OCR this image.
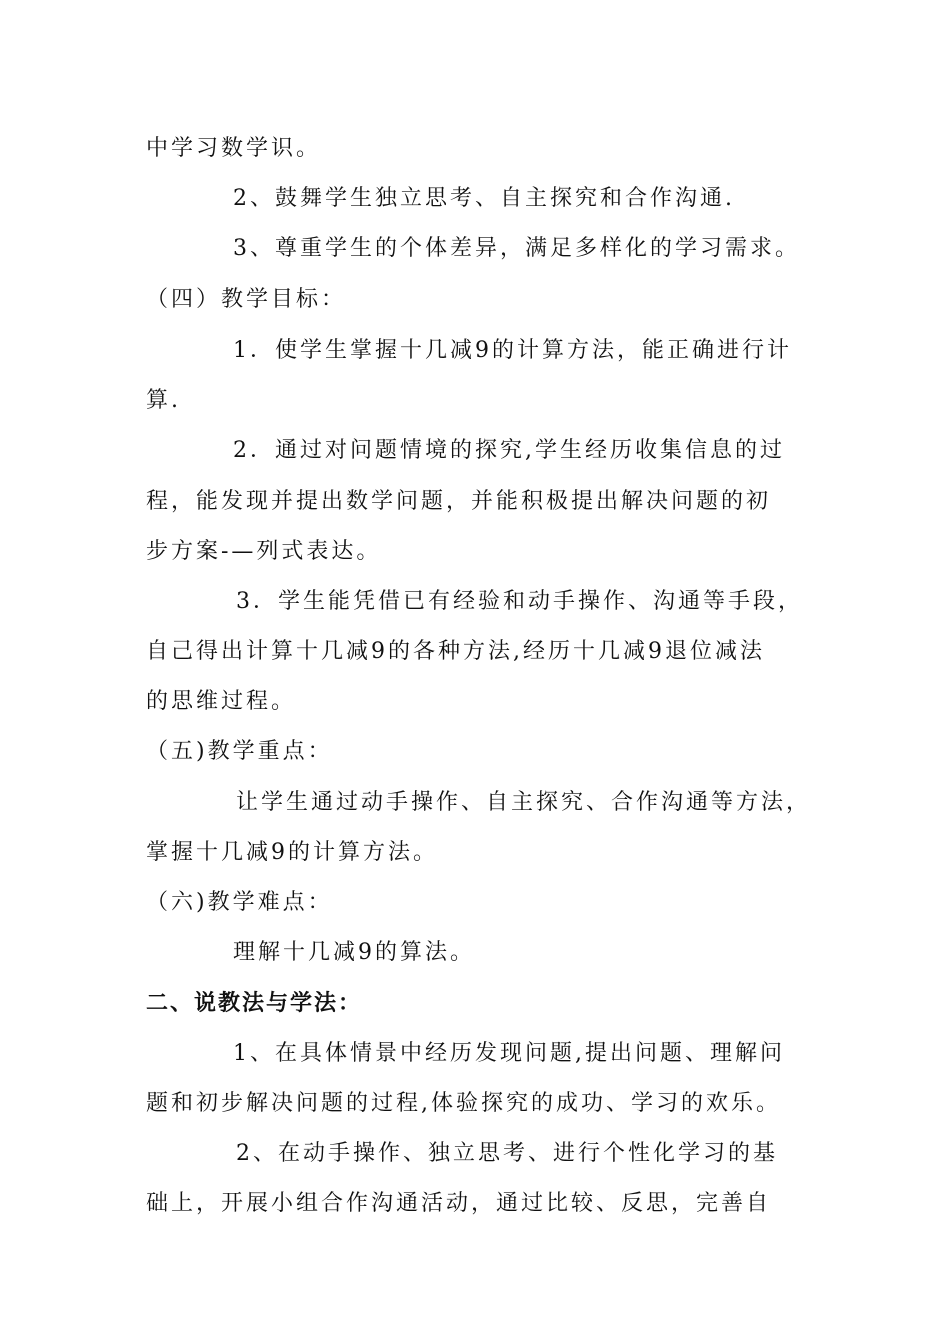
中学习数学识。
2、鼓舞学生独立思考、自主探究和合作沟通.
3、尊重学生的个体差异，满足多样化的学习需求。
（四）教学目标：
1．使学生掌握十几减9的计算方法，能正确进行计
算.
2．通过对问题情境的探究,学生经历收集信息的过
程，能发现并提出数学问题，并能积极提出解决问题的初
步方案-—列式表达。
3．学生能凭借已有经验和动手操作、沟通等手段，
自己得出计算十几减9的各种方法,经历十几减9退位减法
的思维过程。
（五)教学重点：
让学生通过动手操作、自主探究、合作沟通等方法，
掌握十几减9的计算方法。
（六)教学难点：
理解十几减9的算法。
二、说教法与学法：
1、在具体情景中经历发现问题,提出问题、理解问
题和初步解决问题的过程,体验探究的成功、学习的欢乐。
2、在动手操作、独立思考、进行个性化学习的基
础上，开展小组合作沟通活动，通过比较、反思，完善自
